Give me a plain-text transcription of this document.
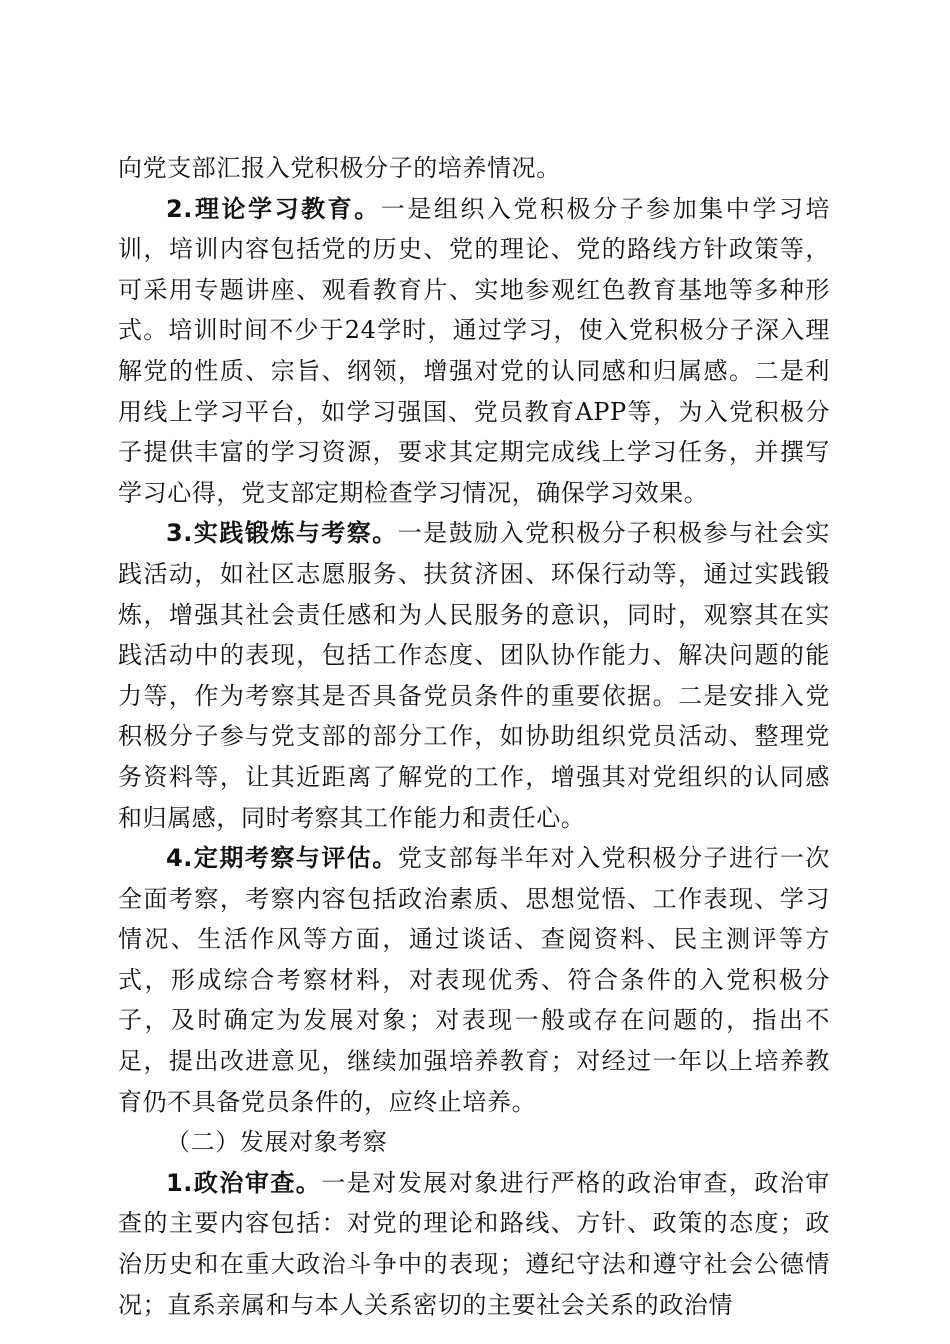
向党支部汇报入党积极分子的培养情况。

2.理论学习教育。一是组织入党积极分子参加集中学习培训，培训内容包括党的历史、党的理论、党的路线方针政策等，可采用专题讲座、观看教育片、实地参观红色教育基地等多种形式。培训时间不少于24学时，通过学习，使入党积极分子深入理解党的性质、宗旨、纲领，增强对党的认同感和归属感。二是利用线上学习平台，如学习强国、党员教育APP等，为入党积极分子提供丰富的学习资源，要求其定期完成线上学习任务，并撰写学习心得，党支部定期检查学习情况，确保学习效果。

3.实践锻炼与考察。一是鼓励入党积极分子积极参与社会实践活动，如社区志愿服务、扶贫济困、环保行动等，通过实践锻炼，增强其社会责任感和为人民服务的意识，同时，观察其在实践活动中的表现，包括工作态度、团队协作能力、解决问题的能力等，作为考察其是否具备党员条件的重要依据。二是安排入党积极分子参与党支部的部分工作，如协助组织党员活动、整理党务资料等，让其近距离了解党的工作，增强其对党组织的认同感和归属感，同时考察其工作能力和责任心。

4.定期考察与评估。党支部每半年对入党积极分子进行一次全面考察，考察内容包括政治素质、思想觉悟、工作表现、学习情况、生活作风等方面，通过谈话、查阅资料、民主测评等方式，形成综合考察材料，对表现优秀、符合条件的入党积极分子，及时确定为发展对象；对表现一般或存在问题的，指出不足，提出改进意见，继续加强培养教育；对经过一年以上培养教育仍不具备党员条件的，应终止培养。

（二）发展对象考察

1.政治审查。一是对发展对象进行严格的政治审查，政治审查的主要内容包括：对党的理论和路线、方针、政策的态度；政治历史和在重大政治斗争中的表现；遵纪守法和遵守社会公德情况；直系亲属和与本人关系密切的主要社会关系的政治情
